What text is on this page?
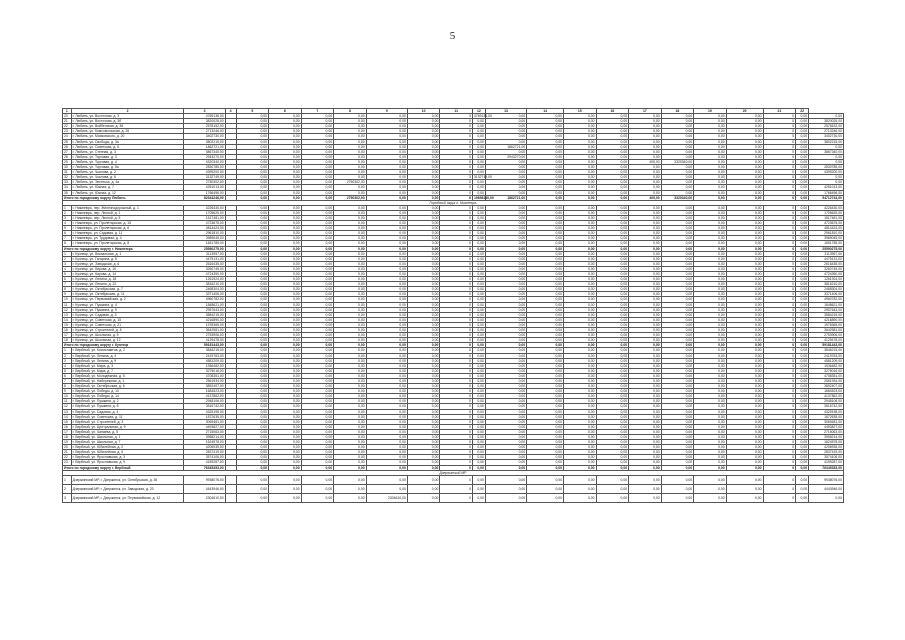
5
1	2	3	4	5	6	7	8	9	10	11	12	13	14	15	16	17	18	19	20	21	22	
20	г. Любинь, ул. Восточная, д. 3	4769136,00		0,00	0,00	0,00	0,00	0,00	0,00	3	4769136,00	0,00	0,00	0,00	0,00	0,00	0,00	0,00	0,00	0	0,00	0,00
21	г. Любинь, ул. Восточная, д. 3б	3820025,00		0,00	0,00	0,00	0,00	0,00	0,00	0	0,00	0,00	0,00	0,00	0,00	0,00	0,00	0,00	0,00	0	0,00	3820025,00
22	г. Любинь, ул. Войбенская, д. 36	2578152,00		0,00	0,00	0,00	0,00	0,00	0,00	0	0,00	0,00	0,00	0,00	0,00	0,00	0,00	0,00	0,00	0	0,00	2578152,00
23	г. Любинь, ул. Комсомольская, д. 26	2713246,00		0,00	0,00	0,00	0,00	0,00	0,00	0	0,00	0,00	0,00	0,00	0,00	0,00	0,00	0,00	0,00	0	0,00	2713246,00
24	г. Любинь, ул. Маяковского, д. 20	3402730,00		0,00	0,00	0,00	0,00	0,00	0,00	0	0,00	0,00	0,00	0,00	0,00	0,00	0,00	0,00	0,00	0	0,00	3402730,00
25	г. Любинь, ул. Свободы, д. 3а	3802215,00		0,00	0,00	0,00	0,00	0,00	0,00	0	0,00	0,00	0,00	0,00	0,00	0,00	0,00	0,00	0,00	0	0,00	3802215,00
26	г. Любинь, ул. Советская, д. 6	1862721,00		0,00	0,00	0,00	0,00	0,00	0,00	0	0,00	1862721,00	0,00	0,00	0,00	0,00	0,00	0,00	0,00	0	0,00	0,00
27	г. Любинь, ул. Степная, д. 3	3867340,00		0,00	0,00	0,00	0,00	0,00	0,00	0	0,00	0,00	0,00	0,00	0,00	0,00	0,00	0,00	0,00	0	0,00	3867340,00
28	г. Любинь, ул. Торговая, д. 3	2943270,00		0,00	0,00	0,00	0,00	0,00	0,00	0	0,00	2943270,00	0,00	0,00	0,00	0,00	0,00	0,00	0,00	0	0,00	0,00
29	г. Любинь, ул. Торговая, д. 4	4320340,00		0,00	0,00	0,00	0,00	0,00	0,00	0	0,00	0,00	0,00	0,00	0,00	405,00	3320340,00	0,00	0,00	0	0,00	0,00
30	г. Любинь, ул. Торговая, д. 5а	2830785,00		0,00	0,00	0,00	0,00	0,00	0,00	0	0,00	0,00	0,00	0,00	0,00	0,00	0,00	0,00	0,00	0	0,00	2830785,00
31	г. Любинь, ул. Чкалова, д. 2	4399200,00		0,00	0,00	0,00	0,00	0,00	0,00	0	0,00	0,00	0,00	0,00	0,00	0,00	0,00	0,00	0,00	0	0,00	4399200,00
32	г. Любинь, ул. Чкалова, д. 6	3132749,00		0,00	0,00	0,00	0,00	0,00	0,00	3	3132749,00	0,00	0,00	0,00	0,00	0,00	0,00	0,00	0,00	0	0,00	0,00
33	г. Любинь, ул. Энгельса, д. 4а	2750302,00		0,00	0,00	0,00	2750302,00	0,00	0,00	0	0,00	0,00	0,00	0,00	0,00	0,00	0,00	0,00	0,00	0	0,00	0,00
34	г. Любинь, ул. Южная, д. 7	4251013,00		0,00	0,00	0,00	0,00	0,00	0,00	0	0,00	0,00	0,00	0,00	0,00	0,00	0,00	0,00	0,00	0	0,00	4251013,00
35	г. Любинь, ул. Южная, д. 12	1766496,00		0,00	0,00	0,00	0,00	0,00	0,00	0	0,00	0,00	0,00	0,00	0,00	0,00	0,00	0,00	0,00	0	0,00	1766496,00
Итого по городскому округу Любинь		82344246,00		0,00	0,00	0,00	2750302,00	0,00	0,00	6	19698140,00	1862721,00	0,00	0,00	0,00	405,00	3320340,00	0,00	0,00	0	0,00	54712743,00
Городской округ г. Нижнеюрь																						
1	г. Нижнеюрь, пер. Железнодорожный, д. 1	4226430,00		0,00	0,00	0,00	0,00	0,00	0,00	0	0,00	0,00	0,00	0,00	0,00	0,00	0,00	0,00	0,00	0	0,00	4226430,00
2	г. Нижнеюрь, пер. Лесной, д. 1	1705625,00		0,00	0,00	0,00	0,00	0,00	0,00	0	0,00	0,00	0,00	0,00	0,00	0,00	0,00	0,00	0,00	0	0,00	1705625,00
3	г. Нижнеюрь, пер. Лесной, д. 5	1517481,00		0,00	0,00	0,00	0,00	0,00	0,00	0	0,00	0,00	0,00	0,00	0,00	0,00	0,00	0,00	0,00	0	0,00	1517481,00
4	г. Нижнеюрь, ул. Пролетарская, д. 15	4723675,00		0,00	0,00	0,00	0,00	0,00	0,00	0	0,00	0,00	0,00	0,00	0,00	0,00	0,00	0,00	0,00	0	0,00	4723675,00
5	г. Нижнеюрь, ул. Пролетарская, д. 6	4814424,00		0,00	0,00	0,00	0,00	0,00	0,00	0	0,00	0,00	0,00	0,00	0,00	0,00	0,00	0,00	0,00	0	0,00	4814424,00
6	г. Нижнеюрь, ул. Садовая, д. 11	2961810,00		0,00	0,00	0,00	0,00	0,00	0,00	0	0,00	0,00	0,00	0,00	0,00	0,00	0,00	0,00	0,00	0	0,00	2961810,00
7	г. Нижнеюрь, ул. Трудовая, д. 4	3989045,00		0,00	0,00	0,00	0,00	0,00	0,00	0	0,00	0,00	0,00	0,00	0,00	0,00	0,00	0,00	0,00	0	0,00	3989045,00
8	г. Нижнеюрь, ул. Пролетарская, д. 8	1651785,00		0,00	0,00	0,00	0,00	0,00	0,00	0	0,00	0,00	0,00	0,00	0,00	0,00	0,00	0,00	0,00	0	0,00	1651785,00
Итого по городскому округу г. Нижнеюрь		25590275,00		0,00	0,00	0,00	0,00	0,00	0,00	0	0,00	0,00	0,00	0,00	0,00	0,00	0,00	0,00	0,00	0	0,00	25590275,00
1	г. Кузнецк, ул. Вокзальная, д. 1	3113957,00		0,00	0,00	0,00	0,00	0,00	0,00	0	0,00	0,00	0,00	0,00	0,00	0,00	0,00	0,00	0,00	0	0,00	3113957,00
2	г. Кузнецк, ул. Гагарина, д. 5	4475131,00		0,00	0,00	0,00	0,00	0,00	0,00	0	0,00	0,00	0,00	0,00	0,00	0,00	0,00	0,00	0,00	0	0,00	4475131,00
3	г. Кузнецк, ул. Заводская, д. 6	2616435,00		0,00	0,00	0,00	0,00	0,00	0,00	0	0,00	0,00	0,00	0,00	0,00	0,00	0,00	0,00	0,00	0	0,00	2616435,00
4	г. Кузнецк, ул. Кирова, д. 10	3260745,00		0,00	0,00	0,00	0,00	0,00	0,00	0	0,00	0,00	0,00	0,00	0,00	0,00	0,00	0,00	0,00	0	0,00	3260745,00
5	г. Кузнецк, ул. Кирова, д. 14	4724350,00		0,00	0,00	0,00	0,00	0,00	0,00	0	0,00	0,00	0,00	0,00	0,00	0,00	0,00	0,00	0,00	0	0,00	4724350,00
6	г. Кузнецк, ул. Ленина, д. 18	1261924,00		0,00	0,00	0,00	0,00	0,00	0,00	0	0,00	0,00	0,00	0,00	0,00	0,00	0,00	0,00	0,00	0	0,00	1261924,00
7	г. Кузнецк, ул. Ленина, д. 22	3816210,00		0,00	0,00	0,00	0,00	0,00	0,00	0	0,00	0,00	0,00	0,00	0,00	0,00	0,00	0,00	0,00	0	0,00	3816210,00
8	г. Кузнецк, ул. Октябрьская, д. 7	2468304,00		0,00	0,00	0,00	0,00	0,00	0,00	0	0,00	0,00	0,00	0,00	0,00	0,00	0,00	0,00	0,00	0	0,00	2468304,00
9	г. Кузнецк, ул. Октябрьская, д. 11	3371406,00		0,00	0,00	0,00	0,00	0,00	0,00	0	0,00	0,00	0,00	0,00	0,00	0,00	0,00	0,00	0,00	0	0,00	3371406,00
10	г. Кузнецк, ул. Первомайская, д. 2	4960782,00		0,00	0,00	0,00	0,00	0,00	0,00	0	0,00	0,00	0,00	0,00	0,00	0,00	0,00	0,00	0,00	0	0,00	4960782,00
11	г. Кузнецк, ул. Пушкина, д. 4	1848621,00		0,00	0,00	0,00	0,00	0,00	0,00	0	0,00	0,00	0,00	0,00	0,00	0,00	0,00	0,00	0,00	0	0,00	1848621,00
12	г. Кузнецк, ул. Пушкина, д. 9	2957643,00		0,00	0,00	0,00	0,00	0,00	0,00	0	0,00	0,00	0,00	0,00	0,00	0,00	0,00	0,00	0,00	0	0,00	2957643,00
13	г. Кузнецк, ул. Садовая, д. 3	3584215,00		0,00	0,00	0,00	0,00	0,00	0,00	0	0,00	0,00	0,00	0,00	0,00	0,00	0,00	0,00	0,00	0	0,00	3584215,00
14	г. Кузнецк, ул. Советская, д. 15	4216890,00		0,00	0,00	0,00	0,00	0,00	0,00	0	0,00	0,00	0,00	0,00	0,00	0,00	0,00	0,00	0,00	0	0,00	4216890,00
15	г. Кузнецк, ул. Советская, д. 21	1978365,00		0,00	0,00	0,00	0,00	0,00	0,00	0	0,00	0,00	0,00	0,00	0,00	0,00	0,00	0,00	0,00	0	0,00	1978365,00
16	г. Кузнецк, ул. Строителей, д. 8	3642581,00		0,00	0,00	0,00	0,00	0,00	0,00	0	0,00	0,00	0,00	0,00	0,00	0,00	0,00	0,00	0,00	0	0,00	3642581,00
17	г. Кузнецк, ул. Школьная, д. 5	2753906,00		0,00	0,00	0,00	0,00	0,00	0,00	0	0,00	0,00	0,00	0,00	0,00	0,00	0,00	0,00	0,00	0	0,00	2753906,00
18	г. Кузнецк, ул. Школьная, д. 12	4129478,00		0,00	0,00	0,00	0,00	0,00	0,00	0	0,00	0,00	0,00	0,00	0,00	0,00	0,00	0,00	0,00	0	0,00	4129478,00
Итого по городскому округу г. Кузнецк		59181443,00		0,00	0,00	0,00	0,00	0,00	0,00	0	0,00	0,00	0,00	0,00	0,00	0,00	0,00	0,00	0,00	0	0,00	59181443,00
1	г. Вербный, ул. Космонавтов, д. 2	3846215,00		0,00	0,00	0,00	0,00	0,00	0,00	0	0,00	0,00	0,00	0,00	0,00	0,00	0,00	0,00	0,00	0	0,00	3846215,00
2	г. Вербный, ул. Ленина, д. 4	2419763,00		0,00	0,00	0,00	0,00	0,00	0,00	0	0,00	0,00	0,00	0,00	0,00	0,00	0,00	0,00	0,00	0	0,00	2419763,00
3	г. Вербный, ул. Ленина, д. 9	4581209,00		0,00	0,00	0,00	0,00	0,00	0,00	0	0,00	0,00	0,00	0,00	0,00	0,00	0,00	0,00	0,00	0	0,00	4581209,00
4	г. Вербный, ул. Мира, д. 3	1936482,00		0,00	0,00	0,00	0,00	0,00	0,00	0	0,00	0,00	0,00	0,00	0,00	0,00	0,00	0,00	0,00	0	0,00	1936482,00
5	г. Вербный, ул. Мира, д. 7	3275016,00		0,00	0,00	0,00	0,00	0,00	0,00	0	0,00	0,00	0,00	0,00	0,00	0,00	0,00	0,00	0,00	0	0,00	3275016,00
6	г. Вербный, ул. Молодёжная, д. 5	4708351,00		0,00	0,00	0,00	0,00	0,00	0,00	0	0,00	0,00	0,00	0,00	0,00	0,00	0,00	0,00	0,00	0	0,00	4708351,00
7	г. Вербный, ул. Набережная, д. 1	2561934,00		0,00	0,00	0,00	0,00	0,00	0,00	0	0,00	0,00	0,00	0,00	0,00	0,00	0,00	0,00	0,00	0	0,00	2561934,00
8	г. Вербный, ул. Октябрьская, д. 6	3892407,00		0,00	0,00	0,00	0,00	0,00	0,00	0	0,00	0,00	0,00	0,00	0,00	0,00	0,00	0,00	0,00	0	0,00	3892407,00
9	г. Вербный, ул. Победы, д. 10	1684523,00		0,00	0,00	0,00	0,00	0,00	0,00	0	0,00	0,00	0,00	0,00	0,00	0,00	0,00	0,00	0,00	0	0,00	1684523,00
10	г. Вербный, ул. Победы, д. 14	4137862,00		0,00	0,00	0,00	0,00	0,00	0,00	0	0,00	0,00	0,00	0,00	0,00	0,00	0,00	0,00	0,00	0	0,00	4137862,00
11	г. Вербный, ул. Пушкина, д. 2	2948106,00		0,00	0,00	0,00	0,00	0,00	0,00	0	0,00	0,00	0,00	0,00	0,00	0,00	0,00	0,00	0,00	0	0,00	2948106,00
12	г. Вербный, ул. Пушкина, д. 8	3516742,00		0,00	0,00	0,00	0,00	0,00	0,00	0	0,00	0,00	0,00	0,00	0,00	0,00	0,00	0,00	0,00	0	0,00	3516742,00
13	г. Вербный, ул. Садовая, д. 4	4325198,00		0,00	0,00	0,00	0,00	0,00	0,00	0	0,00	0,00	0,00	0,00	0,00	0,00	0,00	0,00	0,00	0	0,00	4325198,00
14	г. Вербный, ул. Советская, д. 11	1872635,00		0,00	0,00	0,00	0,00	0,00	0,00	0	0,00	0,00	0,00	0,00	0,00	0,00	0,00	0,00	0,00	0	0,00	1872635,00
15	г. Вербный, ул. Строителей, д. 3	3069481,00		0,00	0,00	0,00	0,00	0,00	0,00	0	0,00	0,00	0,00	0,00	0,00	0,00	0,00	0,00	0,00	0	0,00	3069481,00
16	г. Вербный, ул. Центральная, д. 9	4493827,00		0,00	0,00	0,00	0,00	0,00	0,00	0	0,00	0,00	0,00	0,00	0,00	0,00	0,00	0,00	0,00	0	0,00	4493827,00
17	г. Вербный, ул. Чапаева, д. 5	2715063,00		0,00	0,00	0,00	0,00	0,00	0,00	0	0,00	0,00	0,00	0,00	0,00	0,00	0,00	0,00	0,00	0	0,00	2715063,00
18	г. Вербный, ул. Школьная, д. 1	3958214,00		0,00	0,00	0,00	0,00	0,00	0,00	0	0,00	0,00	0,00	0,00	0,00	0,00	0,00	0,00	0,00	0	0,00	3958214,00
19	г. Вербный, ул. Школьная, д. 7	1624578,00		0,00	0,00	0,00	0,00	0,00	0,00	0	0,00	0,00	0,00	0,00	0,00	0,00	0,00	0,00	0,00	0	0,00	1624578,00
20	г. Вербный, ул. Юбилейная, д. 2	4206935,00		0,00	0,00	0,00	0,00	0,00	0,00	0	0,00	0,00	0,00	0,00	0,00	0,00	0,00	0,00	0,00	0	0,00	4206935,00
21	г. Вербный, ул. Юбилейная, д. 6	2837419,00		0,00	0,00	0,00	0,00	0,00	0,00	0	0,00	0,00	0,00	0,00	0,00	0,00	0,00	0,00	0,00	0	0,00	2837419,00
22	г. Вербный, ул. Ярославская, д. 3	3574106,00		0,00	0,00	0,00	0,00	0,00	0,00	0	0,00	0,00	0,00	0,00	0,00	0,00	0,00	0,00	0,00	0	0,00	3574106,00
23	г. Вербный, ул. Ярославская, д. 9	4159287,00		0,00	0,00	0,00	0,00	0,00	0,00	0	0,00	0,00	0,00	0,00	0,00	0,00	0,00	0,00	0,00	0	0,00	4159287,00
Итого по городскому округу г. Вербный		76345353,00		0,00	0,00	0,00	0,00	0,00	0,00	0	0,00	0,00	0,00	0,00	0,00	0,00	0,00	0,00	0,00	0	0,00	76345353,00
Дзержинский МР																						
1	Дзержинский МР, г. Дзержинск, ул. Октябрьская, д. 36	9938076,00		0,00	0,00	0,00	0,00	0,00	0,00	0	0,00	0,00	0,00	0,00	0,00	0,00	0,00	0,00	0,00	0	0,00	9938076,00
2	Дзержинский МР, г. Дзержинск, ул. Заводская, д. 20	4443946,00		0,00	0,00	0,00	0,00	0,00	0,00	0	0,00	0,00	0,00	0,00	0,00	0,00	0,00	0,00	0,00	0	0,00	4443946,00
3	Дзержинский МР, г. Дзержинск, ул. Первомайская, д. 12	2304610,00		0,00	0,00	0,00	0,00	2304610,00	0,00	0	0,00	0,00	0,00	0,00	0,00	0,00	0,00	0,00	0,00	0	0,00	0,00
